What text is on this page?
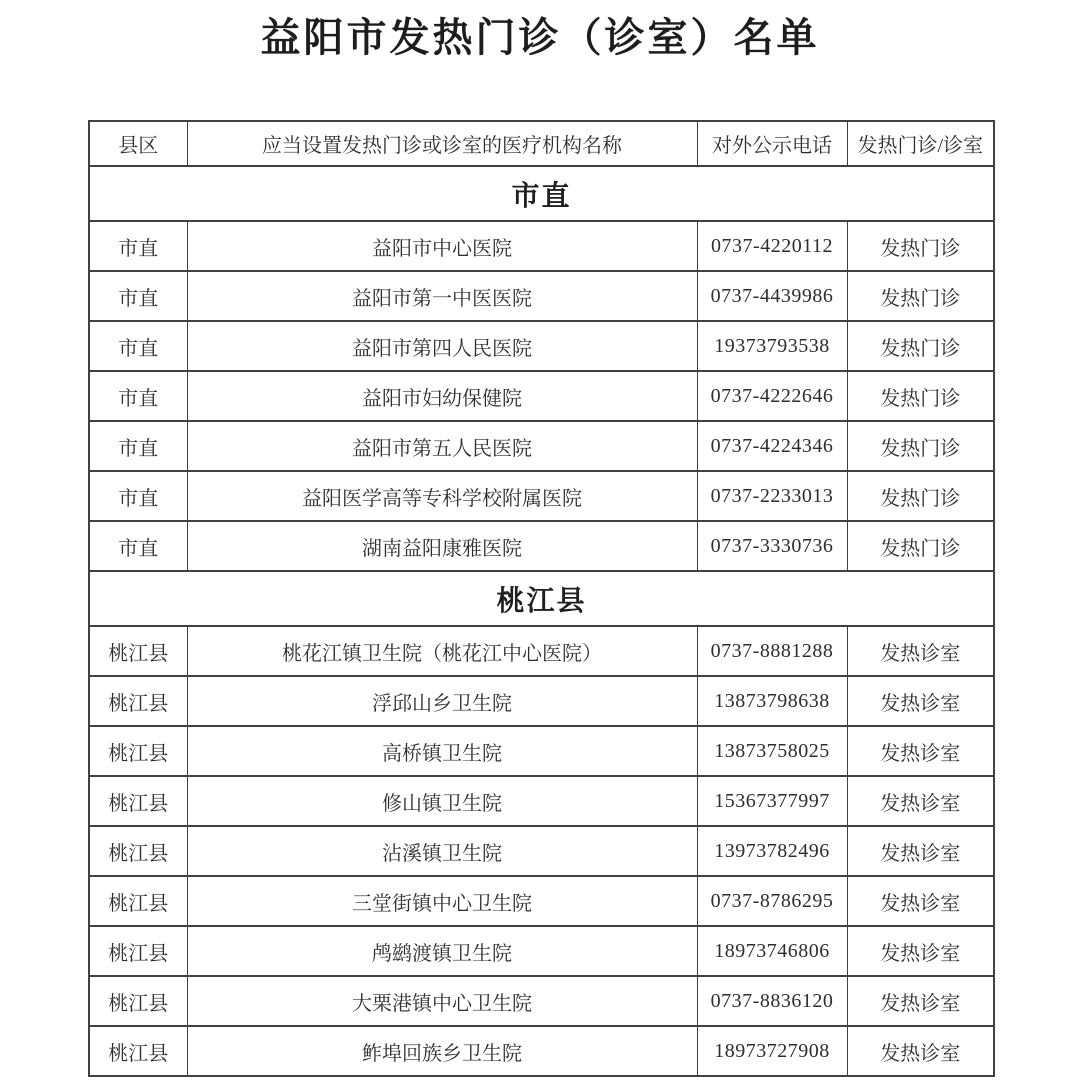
益阳市发热门诊（诊室）名单
县区	应当设置发热门诊或诊室的医疗机构名称	对外公示电话	发热门诊/诊室
市直			
市直	益阳市中心医院	0737-4220112	发热门诊
市直	益阳市第一中医医院	0737-4439986	发热门诊
市直	益阳市第四人民医院	19373793538	发热门诊
市直	益阳市妇幼保健院	0737-4222646	发热门诊
市直	益阳市第五人民医院	0737-4224346	发热门诊
市直	益阳医学高等专科学校附属医院	0737-2233013	发热门诊
市直	湖南益阳康雅医院	0737-3330736	发热门诊
桃江县			
桃江县	桃花江镇卫生院（桃花江中心医院）	0737-8881288	发热诊室
桃江县	浮邱山乡卫生院	13873798638	发热诊室
桃江县	高桥镇卫生院	13873758025	发热诊室
桃江县	修山镇卫生院	15367377997	发热诊室
桃江县	沾溪镇卫生院	13973782496	发热诊室
桃江县	三堂街镇中心卫生院	0737-8786295	发热诊室
桃江县	鸬鹚渡镇卫生院	18973746806	发热诊室
桃江县	大栗港镇中心卫生院	0737-8836120	发热诊室
桃江县	鲊埠回族乡卫生院	18973727908	发热诊室
